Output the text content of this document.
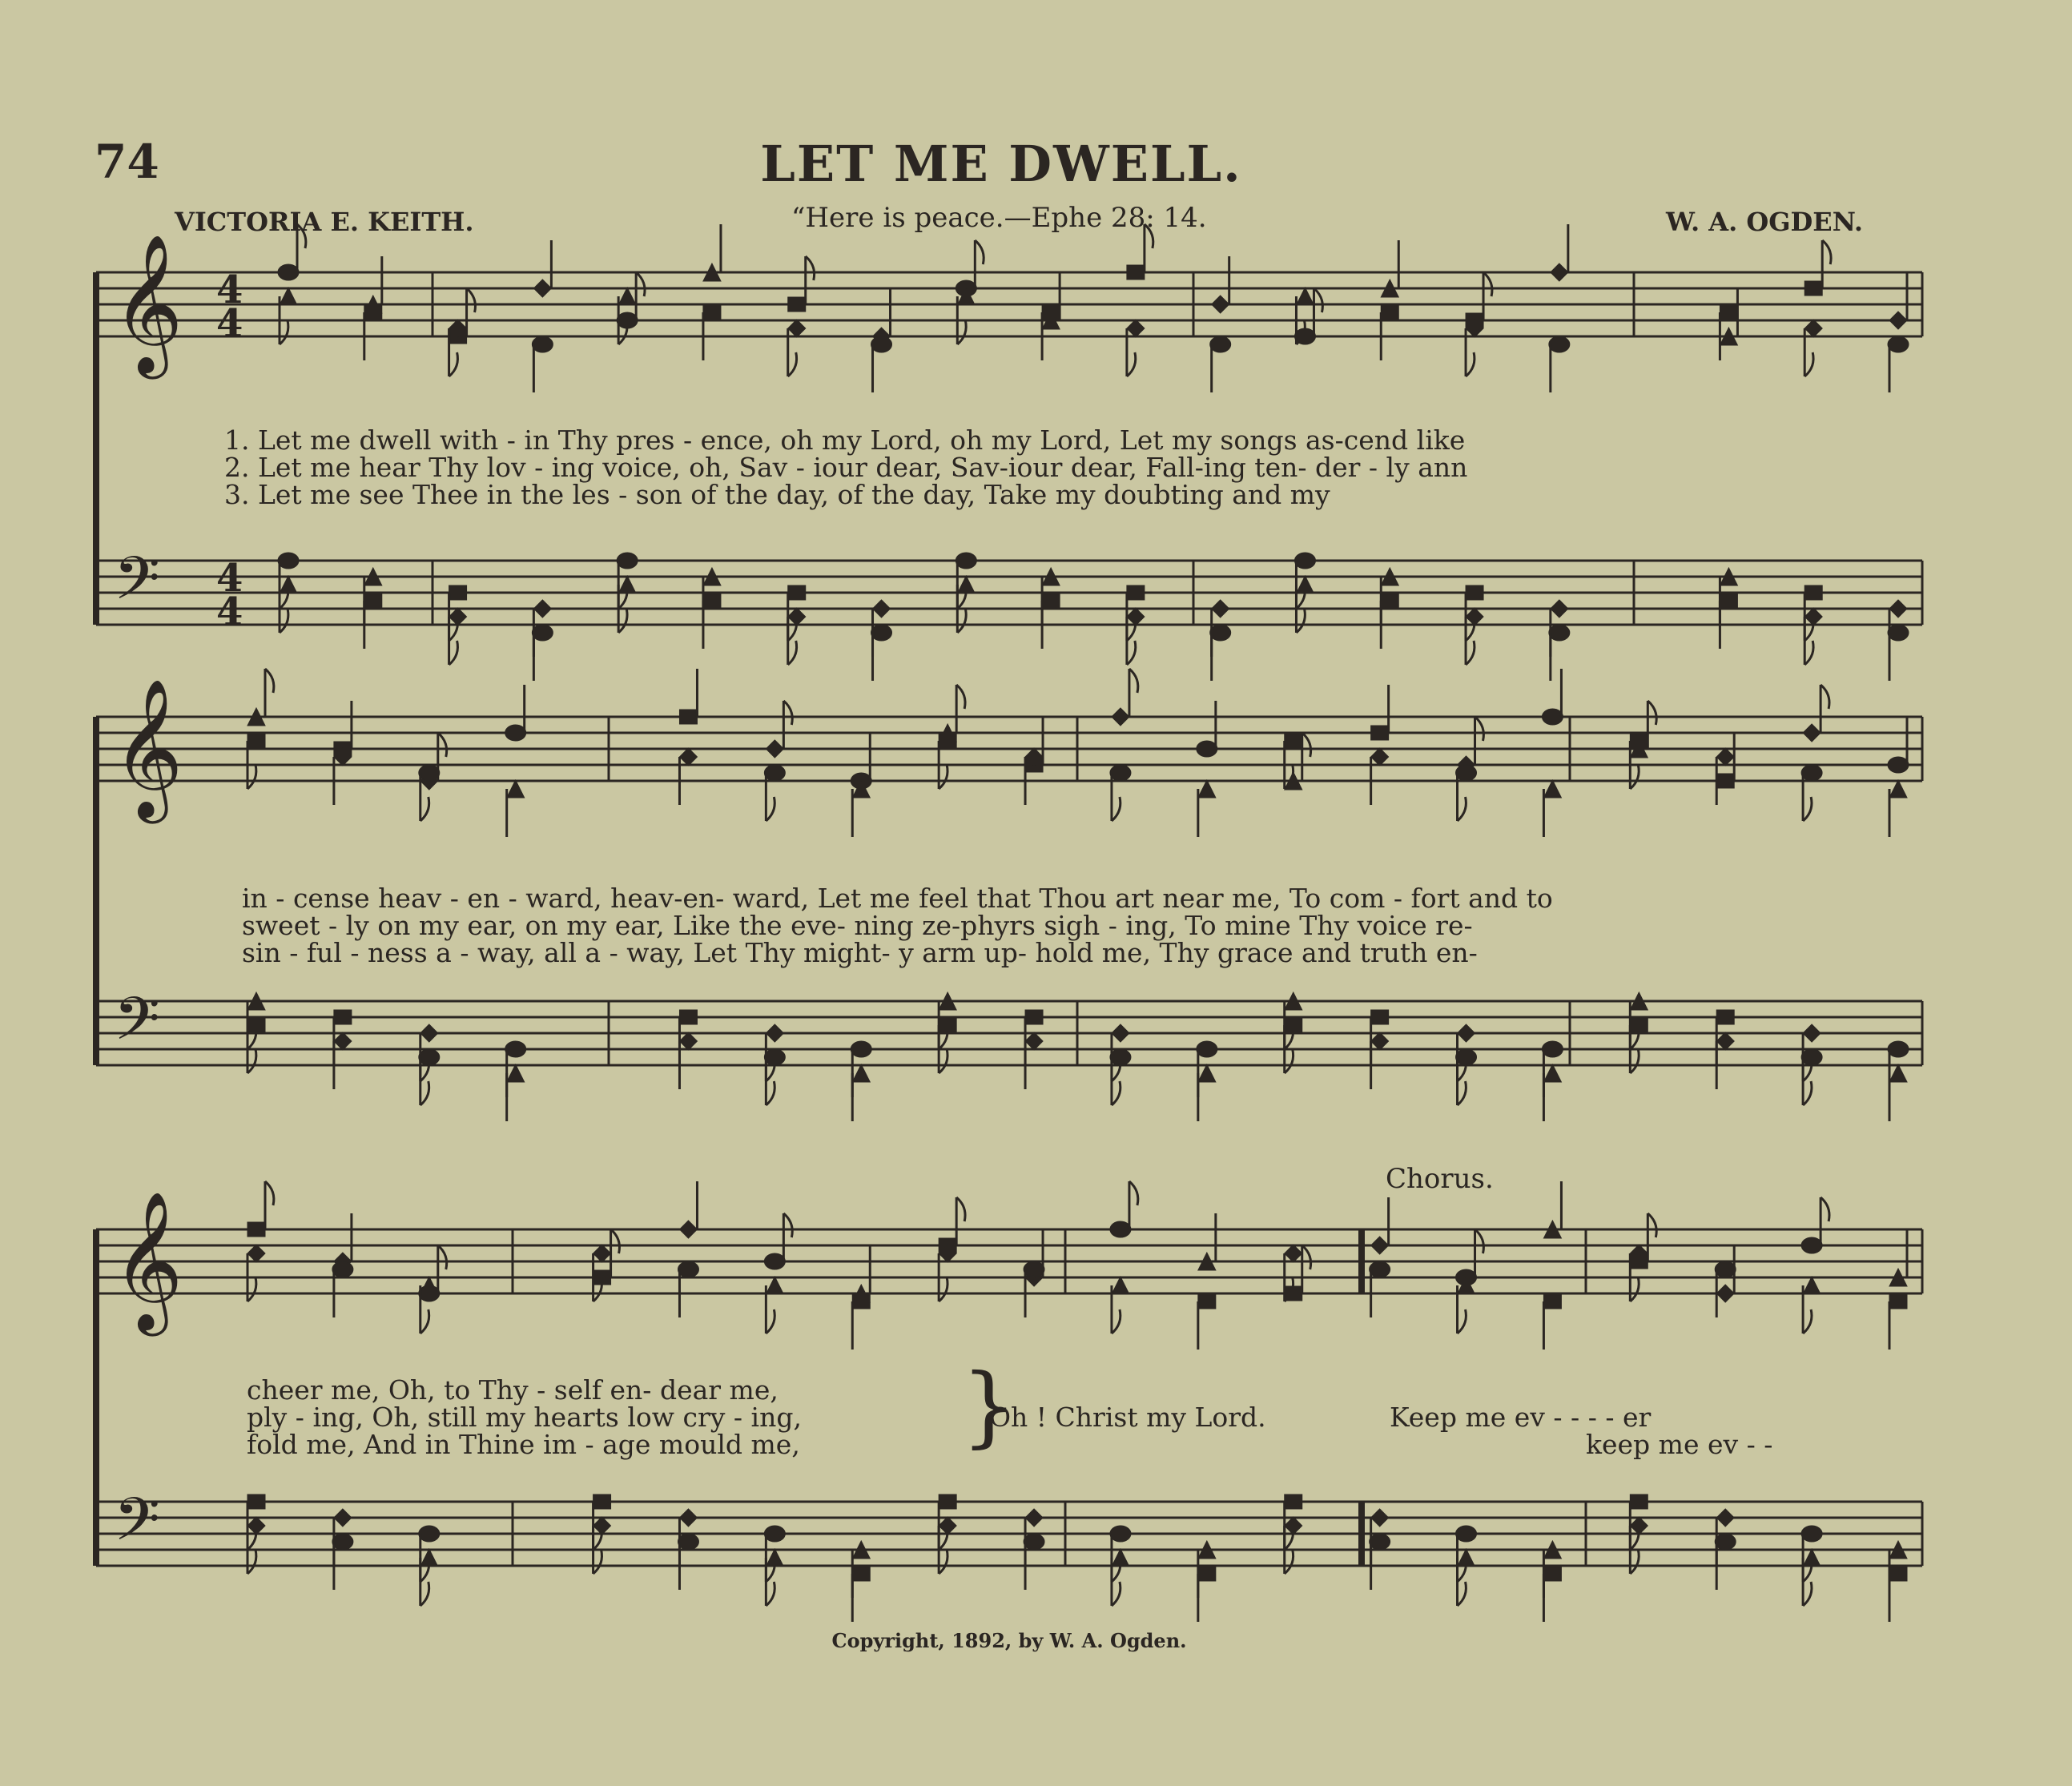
74	LET ME DWELL.
VICTORIA E. KEITH.	“Here is peace.—Ephe 28: 14.	W. A. OGDEN.
𝄞
𝄢
4
4
4
4
𝄞
𝄢
𝄞
𝄢
1. Let me dwell with - in Thy pres - ence, oh my Lord, oh my Lord, Let my songs as-cend like
2. Let me hear Thy lov - ing voice, oh, Sav - iour dear, Sav-iour dear, Fall-ing ten- der - ly ann
3. Let me see Thee in the les - son of the day, of the day, Take my doubting and my
in - cense heav - en - ward, heav-en- ward, Let me feel that Thou art near me, To com - fort and to
sweet - ly on my ear, on my ear, Like the eve- ning ze-phyrs sigh - ing, To mine Thy voice re-
sin - ful - ness a - way, all a - way, Let Thy might- y arm up- hold me, Thy grace and truth en-
Chorus.
cheer me, Oh, to Thy - self en- dear me,
ply - ing, Oh, still my hearts low cry - ing,
fold me, And in Thine im - age mould me, }
Oh ! Christ my Lord.	Keep me ev - - - - er
keep me ev - -
Copyright, 1892, by W. A. Ogden.
